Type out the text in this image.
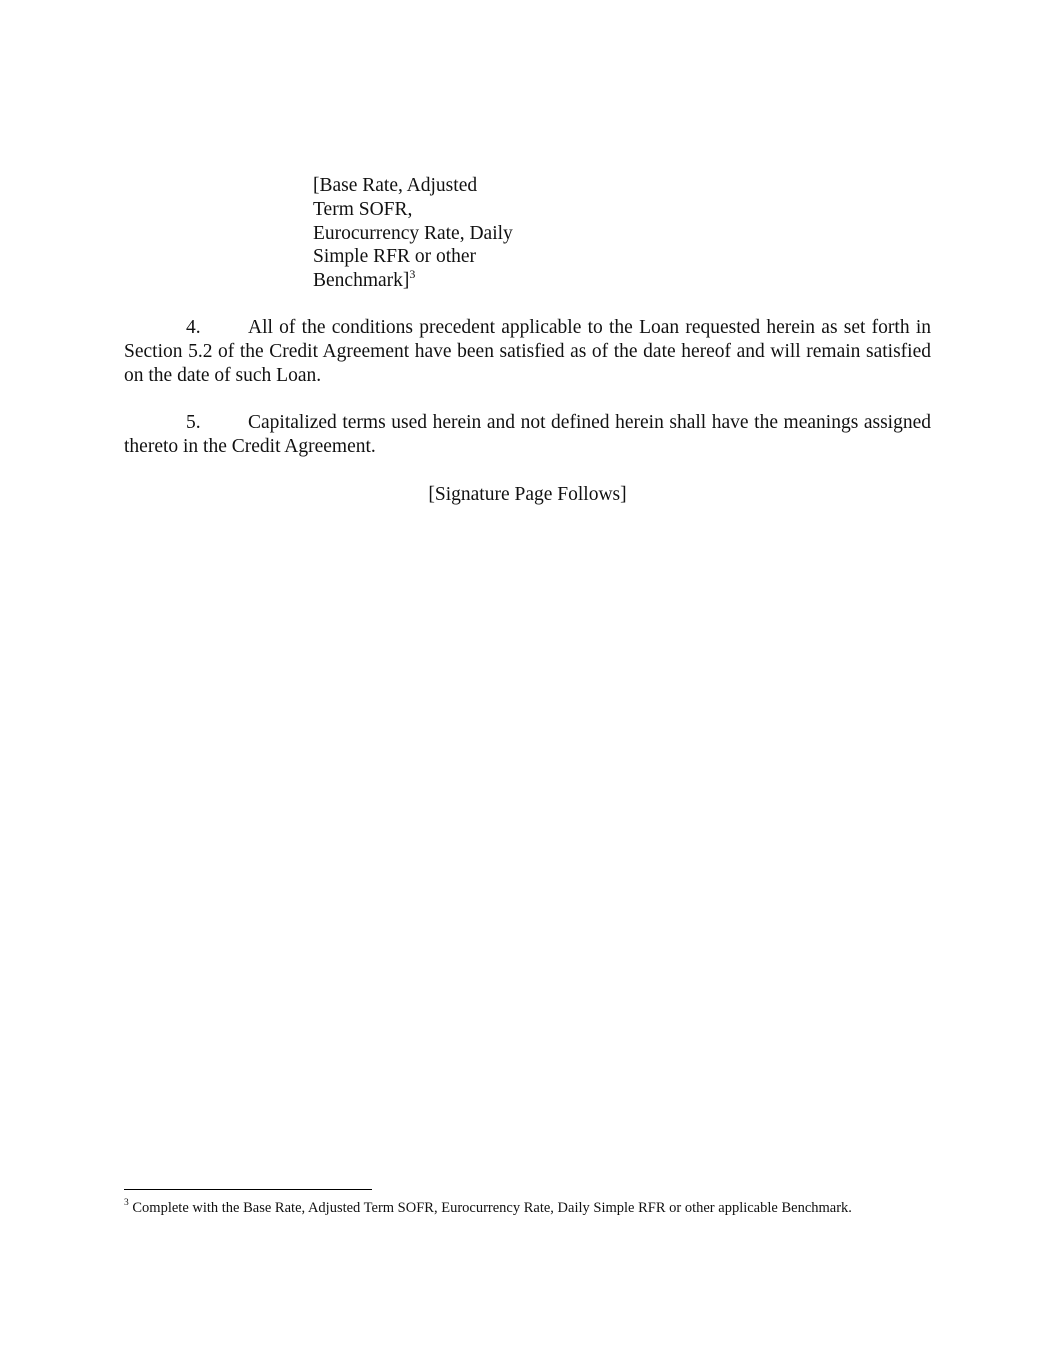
[Base Rate, Adjusted
Term SOFR,
Eurocurrency Rate, Daily
Simple RFR or other
Benchmark]$^3$
4. All of the conditions precedent applicable to the Loan requested herein as set forth in Section 5.2 of the Credit Agreement have been satisfied as of the date hereof and will remain satisfied on the date of such Loan.
5. Capitalized terms used herein and not defined herein shall have the meanings assigned thereto in the Credit Agreement.
[Signature Page Follows]
$^3$ Complete with the Base Rate, Adjusted Term SOFR, Eurocurrency Rate, Daily Simple RFR or other applicable Benchmark.
